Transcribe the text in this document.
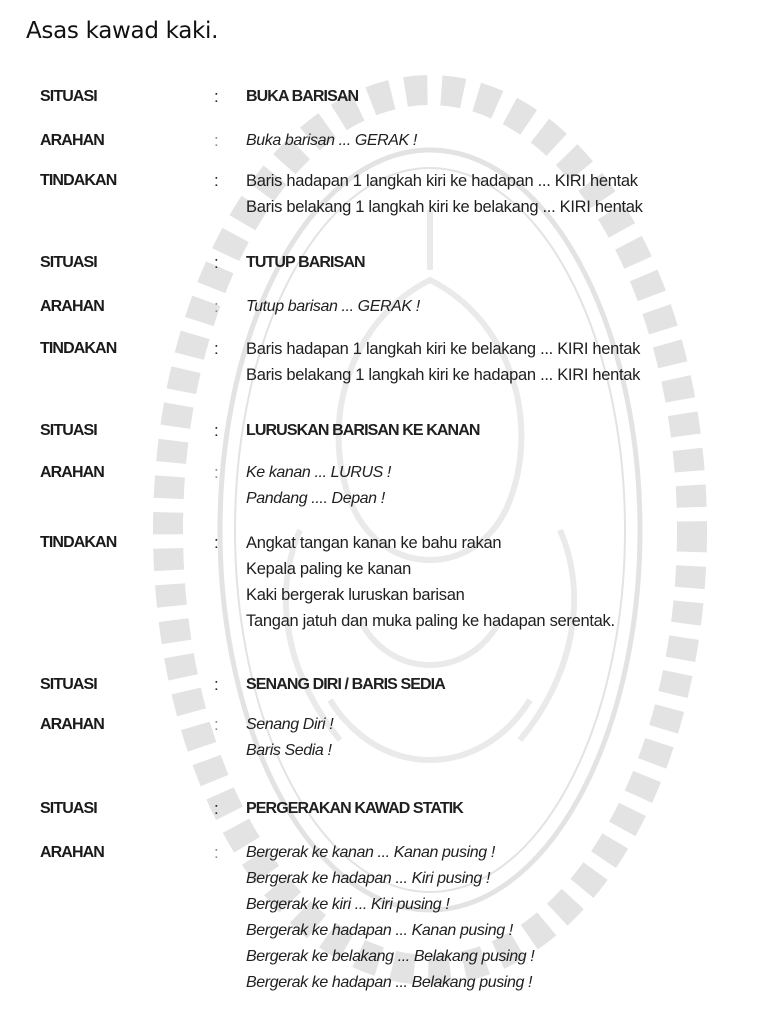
Asas kawad kaki.
SITUASI	: BUKA BARISAN
ARAHAN	: Buka barisan ... GERAK !
TINDAKAN	: Baris hadapan 1 langkah kiri ke hadapan ... KIRI hentak
Baris belakang 1 langkah kiri ke belakang ... KIRI hentak
SITUASI	: TUTUP BARISAN
ARAHAN	: Tutup barisan ... GERAK !
TINDAKAN	: Baris hadapan 1 langkah kiri ke belakang ... KIRI hentak
Baris belakang 1 langkah kiri ke hadapan ... KIRI hentak
SITUASI	: LURUSKAN BARISAN KE KANAN
ARAHAN	: Ke kanan ... LURUS !
Pandang .... Depan !
TINDAKAN	: Angkat tangan kanan ke bahu rakan
Kepala paling ke kanan
Kaki bergerak luruskan barisan
Tangan jatuh dan muka paling ke hadapan serentak.
SITUASI	: SENANG DIRI / BARIS SEDIA
ARAHAN	: Senang Diri !
Baris Sedia !
SITUASI	: PERGERAKAN KAWAD STATIK
ARAHAN	: Bergerak ke kanan ... Kanan pusing !
Bergerak ke hadapan ... Kiri pusing !
Bergerak ke kiri ... Kiri pusing !
Bergerak ke hadapan ... Kanan pusing !
Bergerak ke belakang ... Belakang pusing !
Bergerak ke hadapan ... Belakang pusing !
